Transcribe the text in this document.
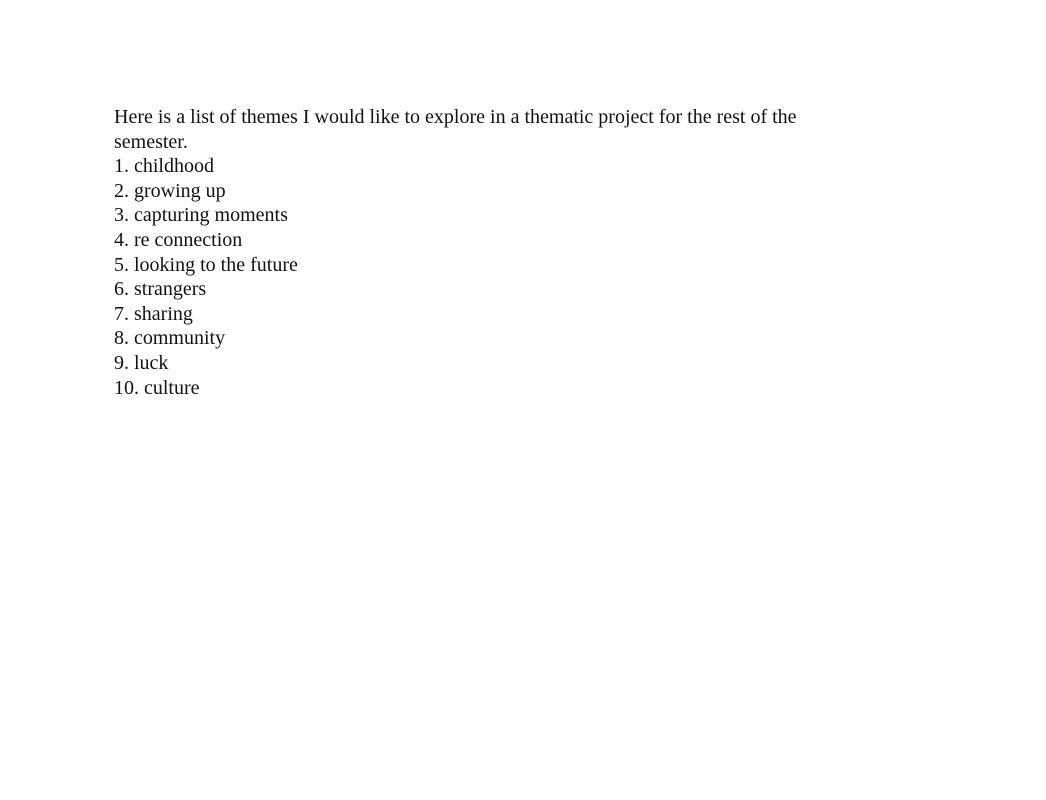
Here is a list of themes I would like to explore in a thematic project for the rest of the semester.

1. childhood
2. growing up
3. capturing moments
4. re connection
5. looking to the future
6. strangers
7. sharing
8. community
9. luck
10. culture
